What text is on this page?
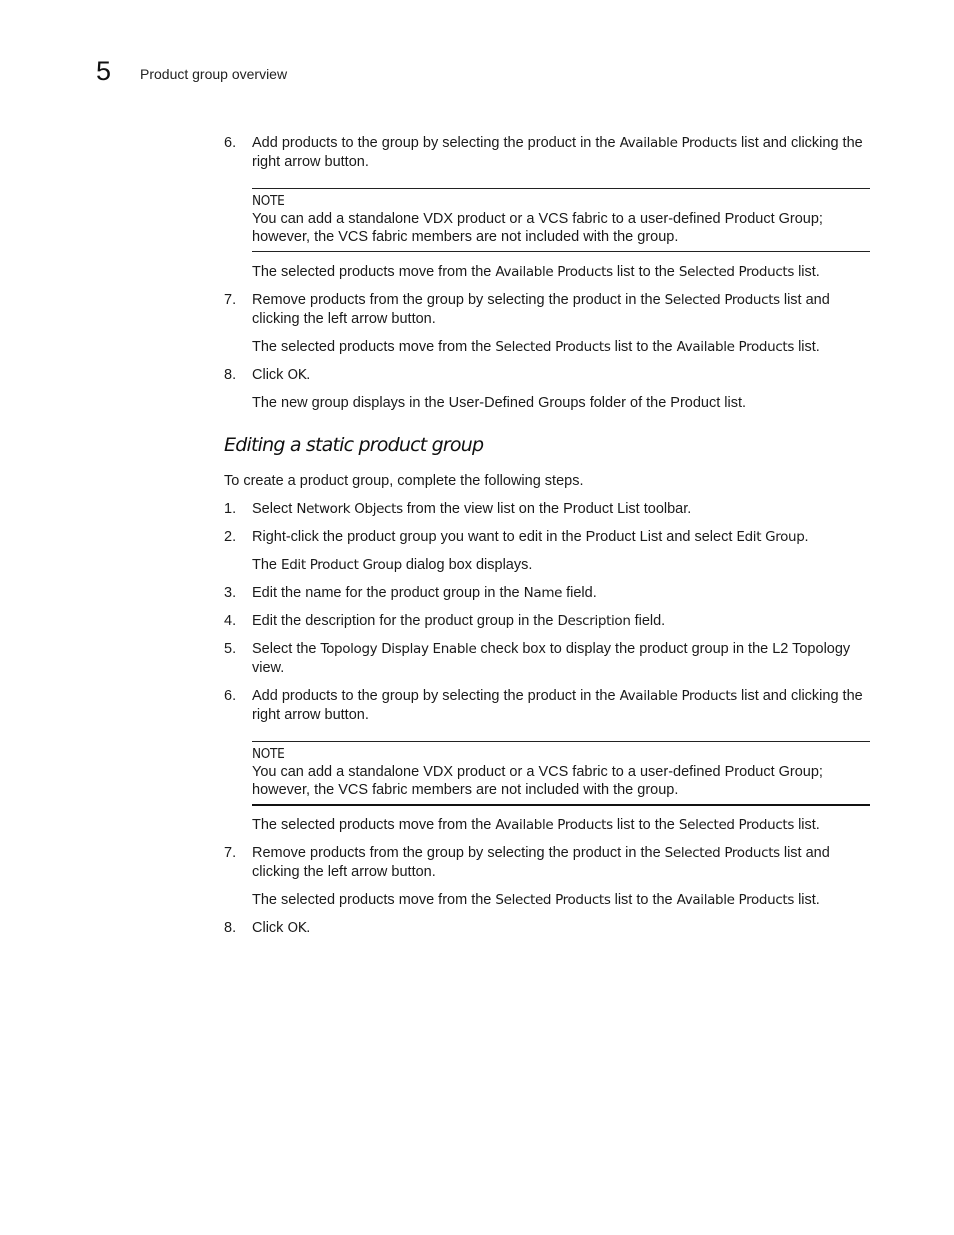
5 Product group overview
6.	Add products to the group by selecting the product in the Available Products list and clicking the right arrow button.
NOTE
You can add a standalone VDX product or a VCS fabric to a user-defined Product Group; however, the VCS fabric members are not included with the group.
The selected products move from the Available Products list to the Selected Products list.
7.	Remove products from the group by selecting the product in the Selected Products list and clicking the left arrow button.
The selected products move from the Selected Products list to the Available Products list.
8.	Click OK.
The new group displays in the User-Defined Groups folder of the Product list.
Editing a static product group
To create a product group, complete the following steps.
1.	Select Network Objects from the view list on the Product List toolbar.
2.	Right-click the product group you want to edit in the Product List and select Edit Group.
The Edit Product Group dialog box displays.
3.	Edit the name for the product group in the Name field.
4.	Edit the description for the product group in the Description field.
5.	Select the Topology Display Enable check box to display the product group in the L2 Topology view.
6.	Add products to the group by selecting the product in the Available Products list and clicking the right arrow button.
NOTE
You can add a standalone VDX product or a VCS fabric to a user-defined Product Group; however, the VCS fabric members are not included with the group.
The selected products move from the Available Products list to the Selected Products list.
7.	Remove products from the group by selecting the product in the Selected Products list and clicking the left arrow button.
The selected products move from the Selected Products list to the Available Products list.
8.	Click OK.
